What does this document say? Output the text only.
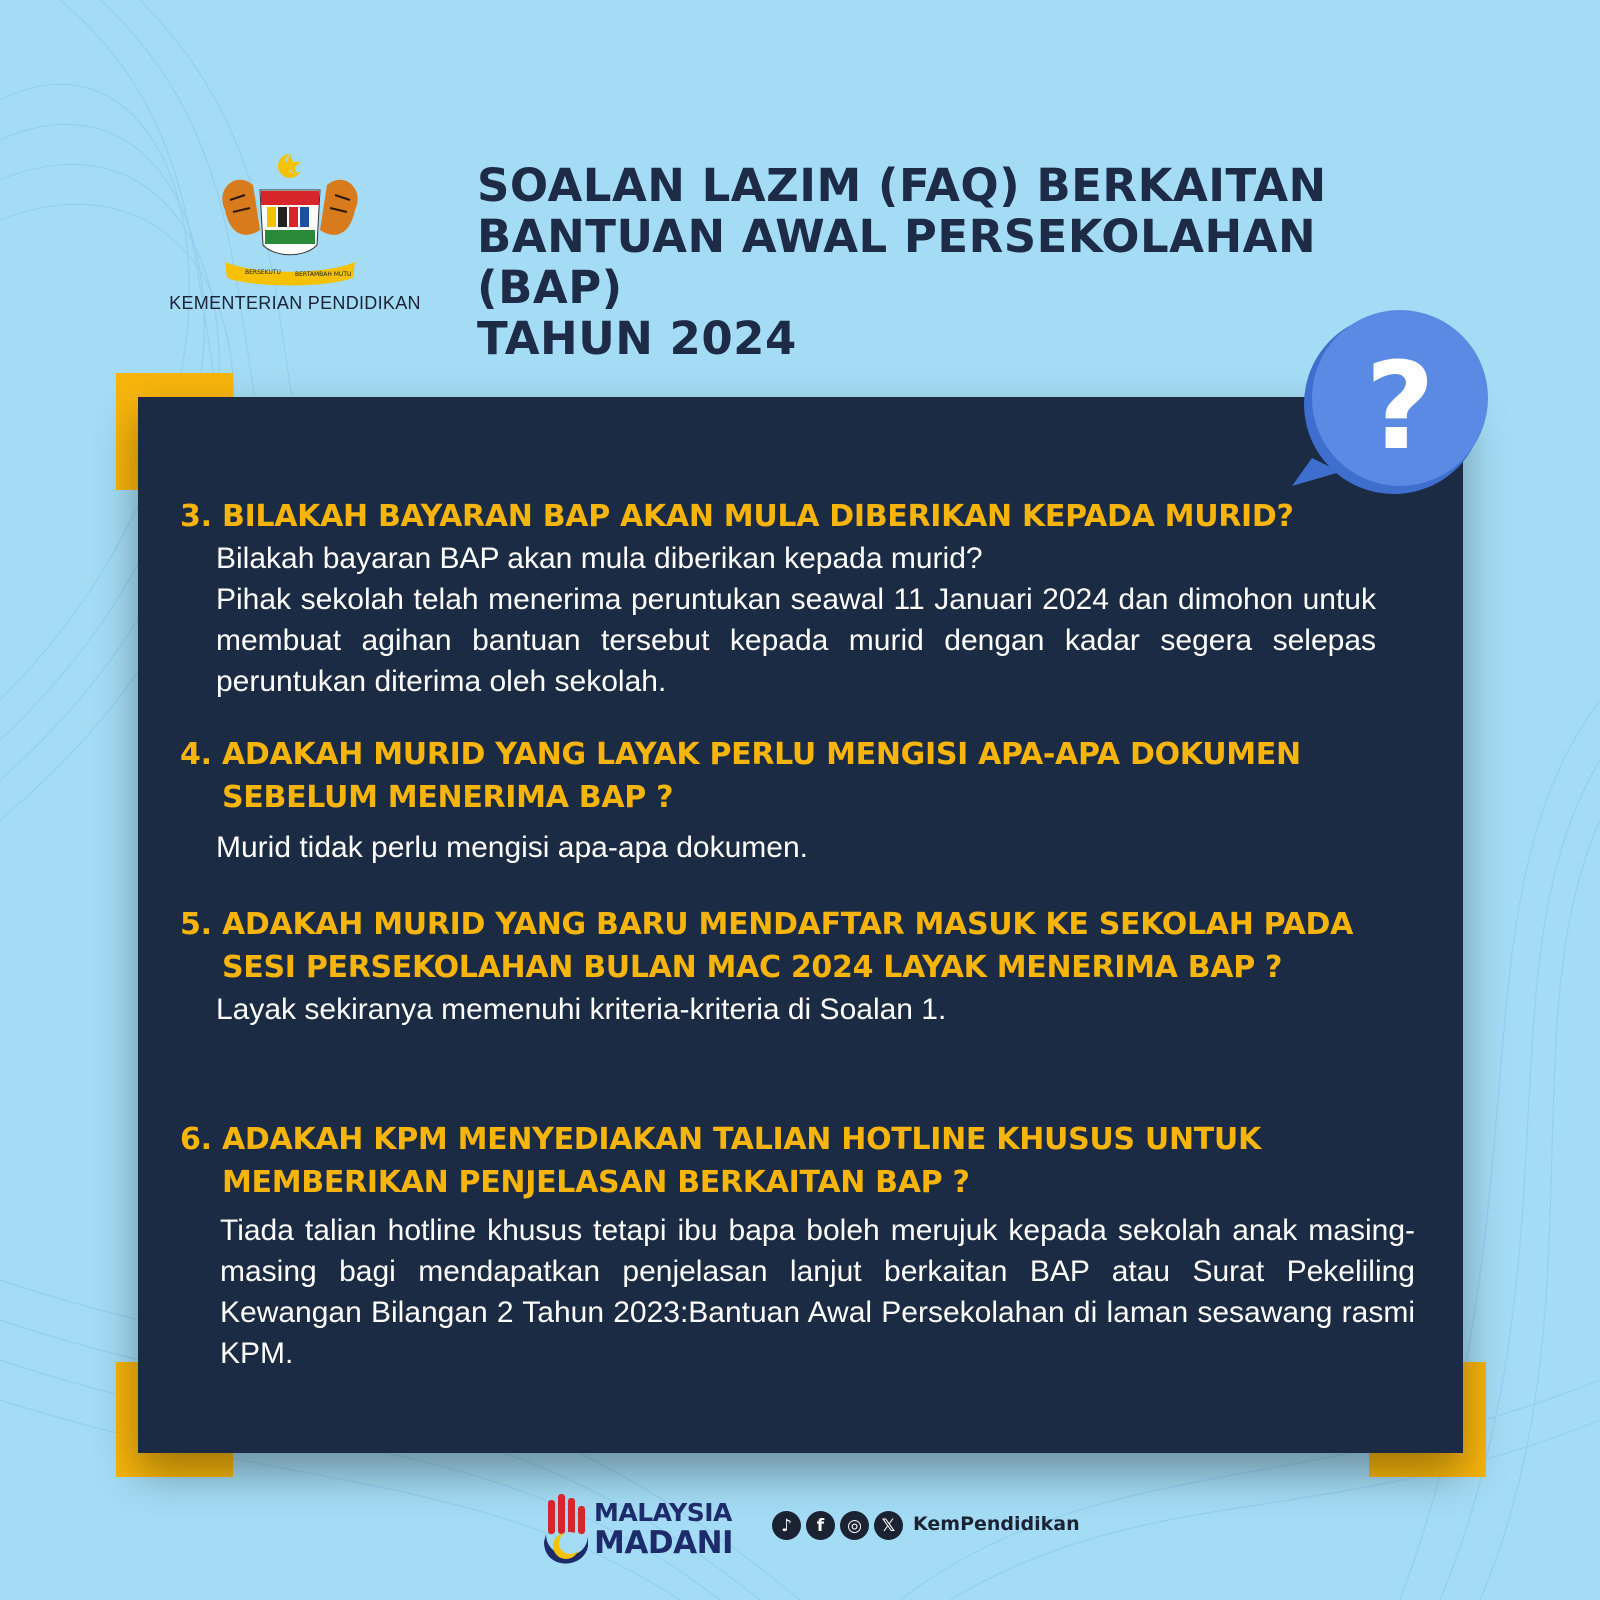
BERSEKUTU BERTAMBAH MUTU
KEMENTERIAN PENDIDIKAN
SOALAN LAZIM (FAQ) BERKAITAN
BANTUAN AWAL PERSEKOLAHAN (BAP)
TAHUN 2024	?
3. BILAKAH BAYARAN BAP AKAN MULA DIBERIKAN KEPADA MURID?

Bilakah bayaran BAP akan mula diberikan kepada murid?

Pihak sekolah telah menerima peruntukan seawal 11 Januari 2024 dan dimohon untuk membuat agihan bantuan tersebut kepada murid dengan kadar segera selepas peruntukan diterima oleh sekolah.

4. ADAKAH MURID YANG LAYAK PERLU MENGISI APA-APA DOKUMEN SEBELUM MENERIMA BAP ?

Murid tidak perlu mengisi apa-apa dokumen.

5. ADAKAH MURID YANG BARU MENDAFTAR MASUK KE SEKOLAH PADA SESI PERSEKOLAHAN BULAN MAC 2024 LAYAK MENERIMA BAP ?

Layak sekiranya memenuhi kriteria-kriteria di Soalan 1.

6. ADAKAH KPM MENYEDIAKAN TALIAN HOTLINE KHUSUS UNTUK MEMBERIKAN PENJELASAN BERKAITAN BAP ?

Tiada talian hotline khusus tetapi ibu bapa boleh merujuk kepada sekolah anak masing-masing bagi mendapatkan penjelasan lanjut berkaitan BAP atau Surat Pekeliling Kewangan Bilangan 2 Tahun 2023:Bantuan Awal Persekolahan di laman sesawang rasmi KPM.

MALAYSIA
MADANI	♪	f	◎	𝕏 KemPendidikan
